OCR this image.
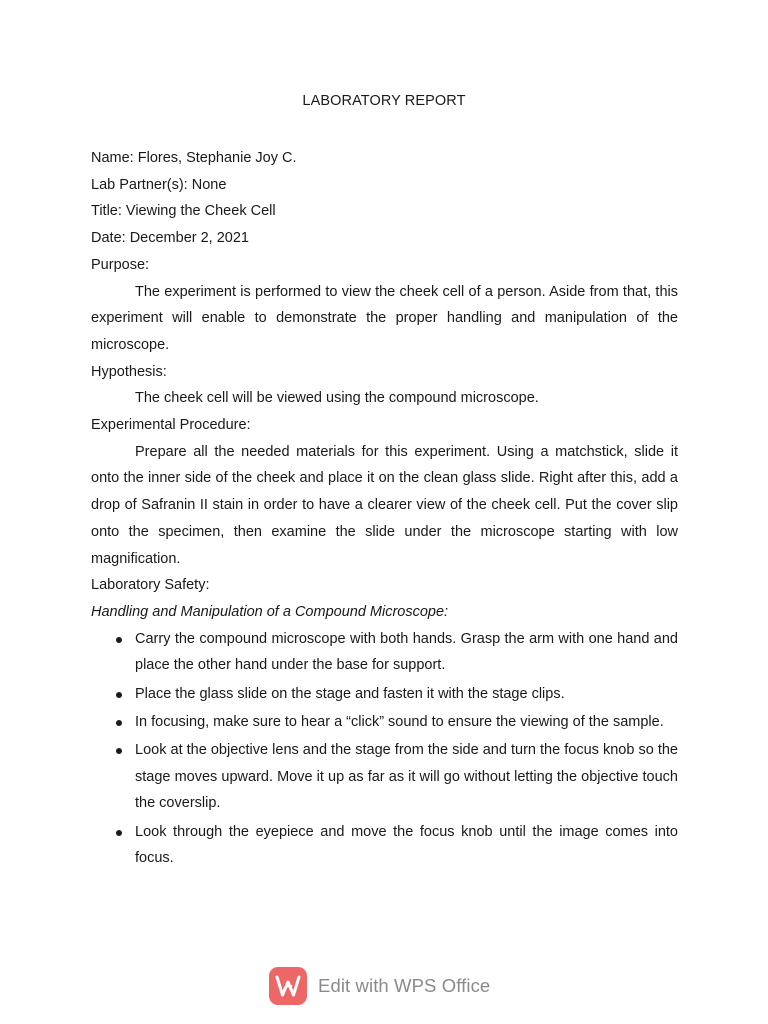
LABORATORY REPORT

Name: Flores, Stephanie Joy C.

Lab Partner(s): None

Title: Viewing the Cheek Cell

Date: December 2, 2021

Purpose:

The experiment is performed to view the cheek cell of a person. Aside from that, this experiment will enable to demonstrate the proper handling and manipulation of the microscope.

Hypothesis:

The cheek cell will be viewed using the compound microscope.

Experimental Procedure:

Prepare all the needed materials for this experiment. Using a matchstick, slide it onto the inner side of the cheek and place it on the clean glass slide. Right after this, add a drop of Safranin II stain in order to have a clearer view of the cheek cell. Put the cover slip onto the specimen, then examine the slide under the microscope starting with low magnification.

Laboratory Safety:

Handling and Manipulation of a Compound Microscope:

Carry the compound microscope with both hands. Grasp the arm with one hand and place the other hand under the base for support.
Place the glass slide on the stage and fasten it with the stage clips.
In focusing, make sure to hear a “click” sound to ensure the viewing of the sample.
Look at the objective lens and the stage from the side and turn the focus knob so the stage moves upward. Move it up as far as it will go without letting the objective touch the coverslip.
Look through the eyepiece and move the focus knob until the image comes into focus.
Edit with WPS Office
